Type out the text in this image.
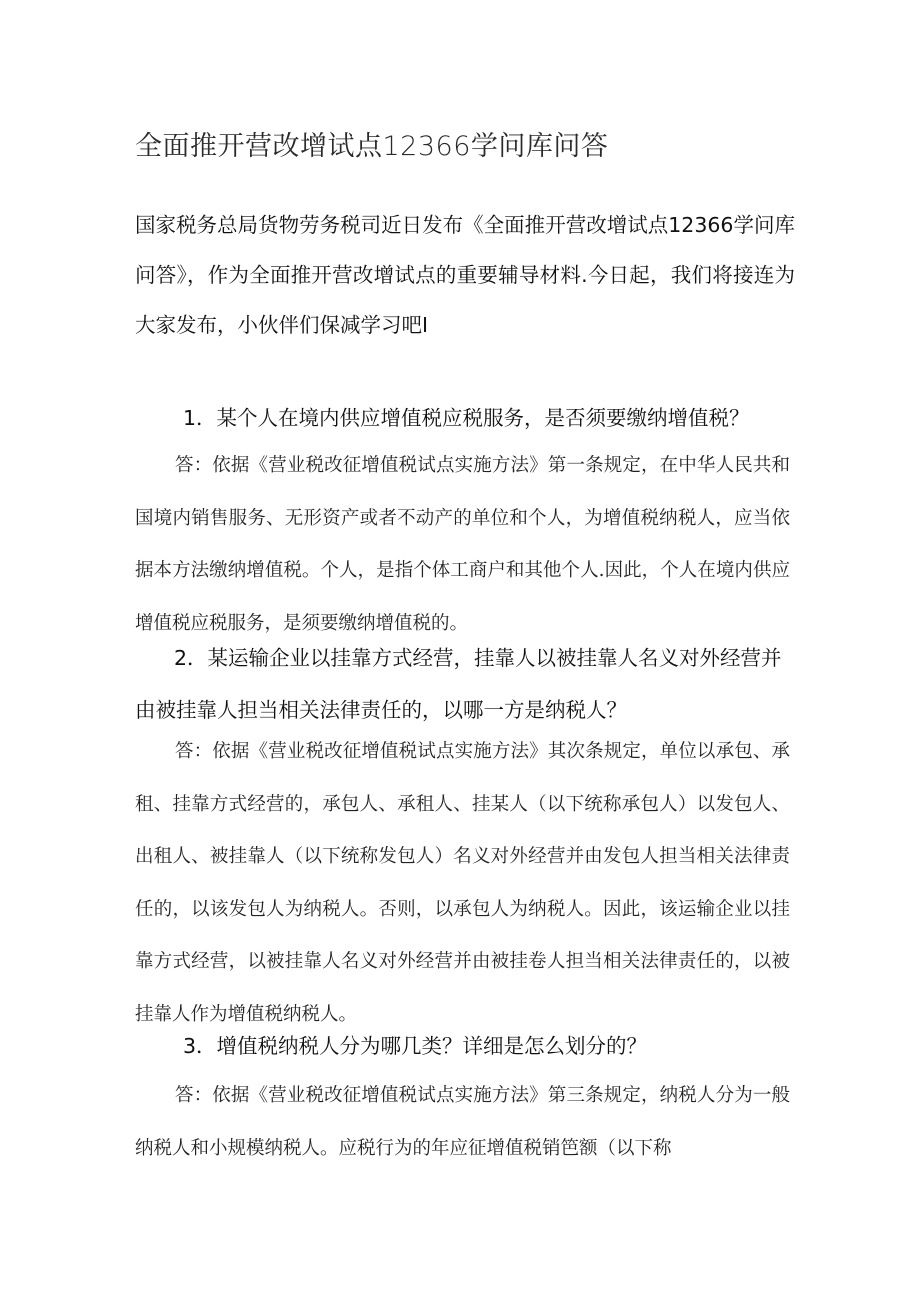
全面推开营改增试点12366学问库问答
国家税务总局货物劳务税司近日发布《全面推开营改增试点12366学问库问答》，作为全面推开营改增试点的重要辅导材料.今日起，我们将接连为大家发布，小伙伴们保减学习吧I
1．某个人在境内供应增值税应税服务，是否须要缴纳增值税？
答：依据《营业税改征增值税试点实施方法》第一条规定，在中华人民共和国境内销售服务、无形资产或者不动产的单位和个人，为增值税纳税人，应当依据本方法缴纳增值税。个人，是指个体工商户和其他个人.因此，个人在境内供应增值税应税服务，是须要缴纳增值税的。
2．某运输企业以挂靠方式经营，挂靠人以被挂靠人名义对外经营并由被挂靠人担当相关法律责任的，以哪一方是纳税人？
答：依据《营业税改征增值税试点实施方法》其次条规定，单位以承包、承租、挂靠方式经营的，承包人、承租人、挂某人（以下统称承包人）以发包人、出租人、被挂靠人（以下统称发包人）名义对外经营并由发包人担当相关法律责任的，以该发包人为纳税人。否则，以承包人为纳税人。因此，该运输企业以挂靠方式经营，以被挂靠人名义对外经营并由被挂卷人担当相关法律责任的，以被挂靠人作为增值税纳税人。
3．增值税纳税人分为哪几类？详细是怎么划分的？
答：依据《营业税改征增值税试点实施方法》第三条规定，纳税人分为一般纳税人和小规模纳税人。应税行为的年应征增值税销笆额（以下称
